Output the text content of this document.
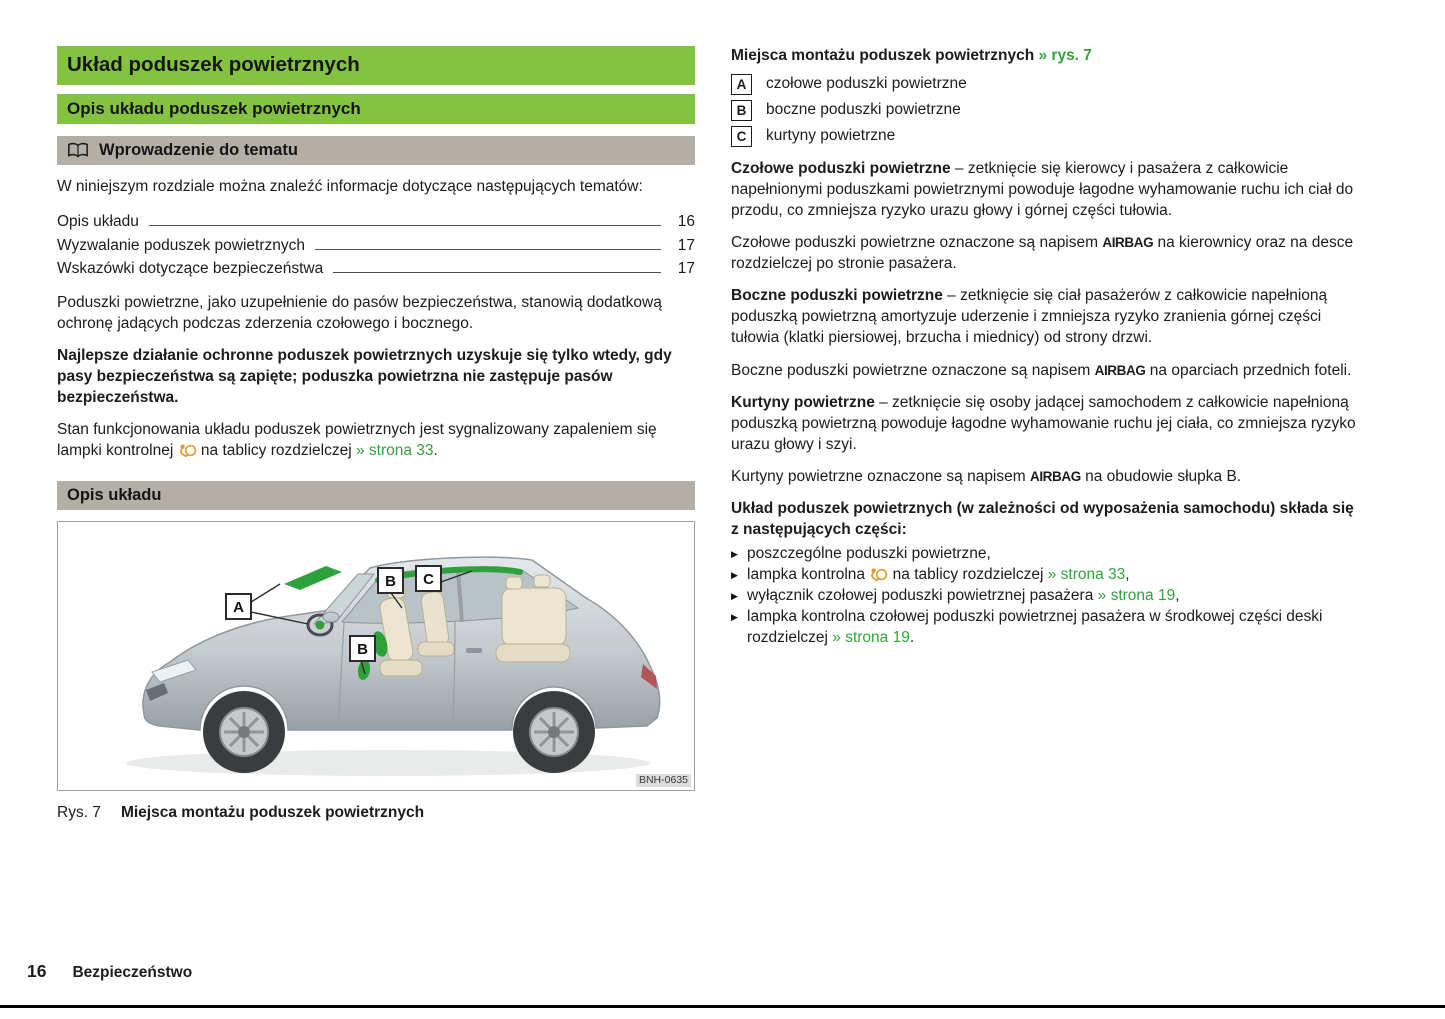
Układ poduszek powietrznych
Opis układu poduszek powietrznych
Wprowadzenie do tematu

W niniejszym rozdziale można znaleźć informacje dotyczące następujących tematów:

Opis układu	16
Wyzwalanie poduszek powietrznych	17
Wskazówki dotyczące bezpieczeństwa	17

Poduszki powietrzne, jako uzupełnienie do pasów bezpieczeństwa, stanowią dodatkową ochronę jadących podczas zderzenia czołowego i bocznego.

Najlepsze działanie ochronne poduszek powietrznych uzyskuje się tylko wtedy, gdy pasy bezpieczeństwa są zapięte; poduszka powietrzna nie zastępuje pasów bezpieczeństwa.

Stan funkcjonowania układu poduszek powietrznych jest sygnalizowany zapaleniem się lampki kontrolnej  na tablicy rozdzielczej » strona 33.

Opis układu
A
B C
B
BNH-0635
Rys. 7 Miejsca montażu poduszek powietrznych

Miejsca montażu poduszek powietrznych » rys. 7

A	czołowe poduszki powietrzne
B	boczne poduszki powietrzne
C	kurtyny powietrzne

Czołowe poduszki powietrzne – zetknięcie się kierowcy i pasażera z całkowicie napełnionymi poduszkami powietrznymi powoduje łagodne wyhamowanie ruchu ich ciał do przodu, co zmniejsza ryzyko urazu głowy i górnej części tułowia.

Czołowe poduszki powietrzne oznaczone są napisem AIRBAG na kierownicy oraz na desce rozdzielczej po stronie pasażera.

Boczne poduszki powietrzne – zetknięcie się ciał pasażerów z całkowicie napełnioną poduszką powietrzną amortyzuje uderzenie i zmniejsza ryzyko zranienia górnej części tułowia (klatki piersiowej, brzucha i miednicy) od strony drzwi.

Boczne poduszki powietrzne oznaczone są napisem AIRBAG na oparciach przednich foteli.

Kurtyny powietrzne – zetknięcie się osoby jadącej samochodem z całkowicie napełnioną poduszką powietrzną powoduje łagodne wyhamowanie ruchu jej ciała, co zmniejsza ryzyko urazu głowy i szyi.

Kurtyny powietrzne oznaczone są napisem AIRBAG na obudowie słupka B.

Układ poduszek powietrznych (w zależności od wyposażenia samochodu) składa się z następujących części:

▶ poszczególne poduszki powietrzne,
▶ lampka kontrolna  na tablicy rozdzielczej » strona 33,
▶ wyłącznik czołowej poduszki powietrznej pasażera » strona 19,
▶ lampka kontrolna czołowej poduszki powietrznej pasażera w środkowej części deski rozdzielczej » strona 19.
16 Bezpieczeństwo
